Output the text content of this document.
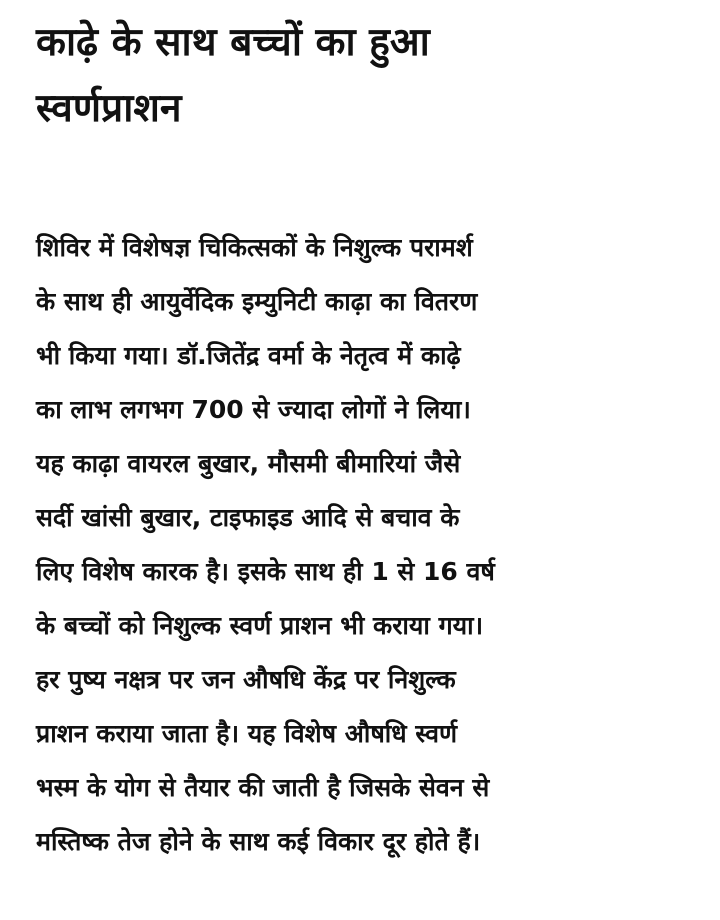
काढ़े के साथ बच्चों का हुआ
स्वर्णप्राशन
शिविर में विशेषज्ञ चिकित्सकों के निशुल्क परामर्श
के साथ ही आयुर्वेदिक इम्युनिटी काढ़ा का वितरण
भी किया गया। डॉ.जितेंद्र वर्मा के नेतृत्व में काढ़े
का लाभ लगभग 700 से ज्यादा लोगों ने लिया।
यह काढ़ा वायरल बुखार, मौसमी बीमारियां जैसे
सर्दी खांसी बुखार, टाइफाइड आदि से बचाव के
लिए विशेष कारक है। इसके साथ ही 1 से 16 वर्ष
के बच्चों को निशुल्क स्वर्ण प्राशन भी कराया गया।
हर पुष्य नक्षत्र पर जन औषधि केंद्र पर निशुल्क
प्राशन कराया जाता है। यह विशेष औषधि स्वर्ण
भस्म के योग से तैयार की जाती है जिसके सेवन से
मस्तिष्क तेज होने के साथ कई विकार दूर होते हैं।
